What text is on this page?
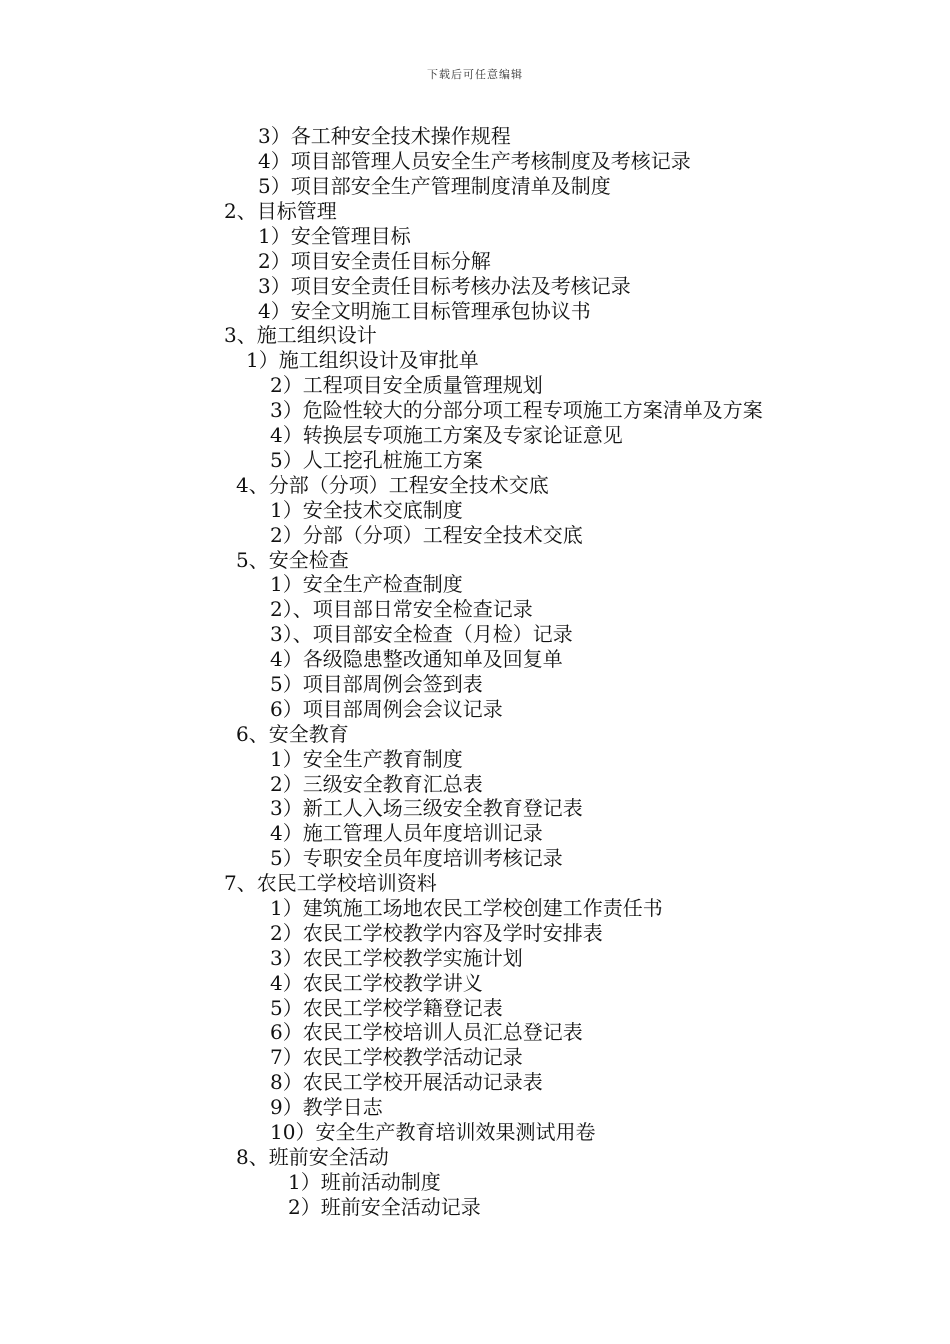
下载后可任意编辑
3）各工种安全技术操作规程
4）项目部管理人员安全生产考核制度及考核记录
5）项目部安全生产管理制度清单及制度
2、目标管理
1）安全管理目标
2）项目安全责任目标分解
3）项目安全责任目标考核办法及考核记录
4）安全文明施工目标管理承包协议书
3、施工组织设计
1）施工组织设计及审批单
2）工程项目安全质量管理规划
3）危险性较大的分部分项工程专项施工方案清单及方案
4）转换层专项施工方案及专家论证意见
5）人工挖孔桩施工方案
4、分部（分项）工程安全技术交底
1）安全技术交底制度
2）分部（分项）工程安全技术交底
5、安全检查
1）安全生产检查制度
2）、项目部日常安全检查记录
3）、项目部安全检查（月检）记录
4）各级隐患整改通知单及回复单
5）项目部周例会签到表
6）项目部周例会会议记录
6、安全教育
1）安全生产教育制度
2）三级安全教育汇总表
3）新工人入场三级安全教育登记表
4）施工管理人员年度培训记录
5）专职安全员年度培训考核记录
7、农民工学校培训资料
1）建筑施工场地农民工学校创建工作责任书
2）农民工学校教学内容及学时安排表
3）农民工学校教学实施计划
4）农民工学校教学讲义
5）农民工学校学籍登记表
6）农民工学校培训人员汇总登记表
7）农民工学校教学活动记录
8）农民工学校开展活动记录表
9）教学日志
10）安全生产教育培训效果测试用卷
8、班前安全活动
1）班前活动制度
2）班前安全活动记录
